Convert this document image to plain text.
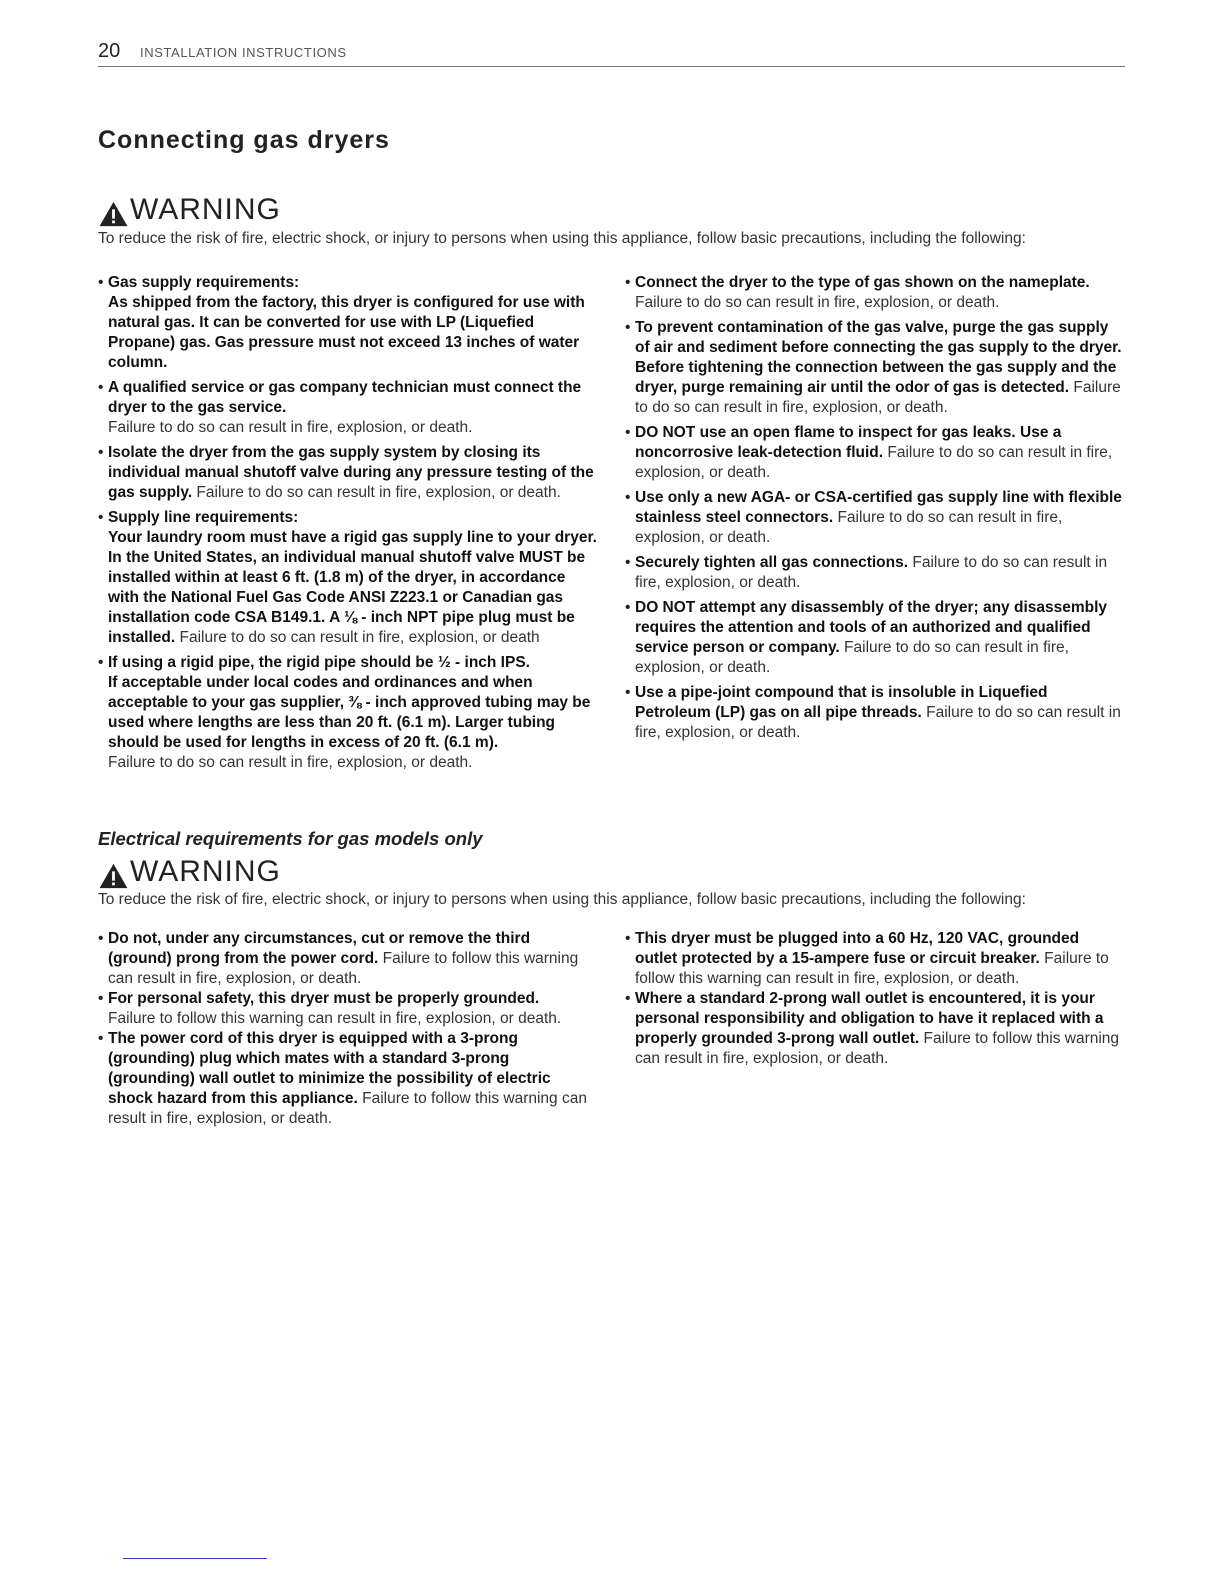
20 INSTALLATION INSTRUCTIONS
Connecting gas dryers
WARNING
To reduce the risk of fire, electric shock, or injury to persons when using this appliance, follow basic precautions, including the following:
• Gas supply requirements:
As shipped from the factory, this dryer is configured for use with natural gas. It can be converted for use with LP (Liquefied Propane) gas. Gas pressure must not exceed 13 inches of water column.
• A qualified service or gas company technician must connect the dryer to the gas service.
Failure to do so can result in fire, explosion, or death.
• Isolate the dryer from the gas supply system by closing its individual manual shutoff valve during any pressure testing of the gas supply. Failure to do so can result in fire, explosion, or death.
• Supply line requirements:
Your laundry room must have a rigid gas supply line to your dryer. In the United States, an individual manual shutoff valve MUST be installed within at least 6 ft. (1.8 m) of the dryer, in accordance with the National Fuel Gas Code ANSI Z223.1 or Canadian gas installation code CSA B149.1. A ⅛ - inch NPT pipe plug must be installed. Failure to do so can result in fire, explosion, or death
• If using a rigid pipe, the rigid pipe should be ½ - inch IPS.
If acceptable under local codes and ordinances and when acceptable to your gas supplier, ⅜ - inch approved tubing may be used where lengths are less than 20 ft. (6.1 m). Larger tubing should be used for lengths in excess of 20 ft. (6.1 m).
Failure to do so can result in fire, explosion, or death.
• Connect the dryer to the type of gas shown on the nameplate.
Failure to do so can result in fire, explosion, or death.
• To prevent contamination of the gas valve, purge the gas supply of air and sediment before connecting the gas supply to the dryer. Before tightening the connection between the gas supply and the dryer, purge remaining air until the odor of gas is detected. Failure to do so can result in fire, explosion, or death.
• DO NOT use an open flame to inspect for gas leaks. Use a noncorrosive leak-detection fluid. Failure to do so can result in fire, explosion, or death.
• Use only a new AGA- or CSA-certified gas supply line with flexible stainless steel connectors. Failure to do so can result in fire, explosion, or death.
• Securely tighten all gas connections. Failure to do so can result in fire, explosion, or death.
• DO NOT attempt any disassembly of the dryer; any disassembly requires the attention and tools of an authorized and qualified service person or company. Failure to do so can result in fire, explosion, or death.
• Use a pipe-joint compound that is insoluble in Liquefied Petroleum (LP) gas on all pipe threads. Failure to do so can result in fire, explosion, or death.
Electrical requirements for gas models only
WARNING
To reduce the risk of fire, electric shock, or injury to persons when using this appliance, follow basic precautions, including the following:
• Do not, under any circumstances, cut or remove the third (ground) prong from the power cord. Failure to follow this warning can result in fire, explosion, or death.
• For personal safety, this dryer must be properly grounded.
Failure to follow this warning can result in fire, explosion, or death.
• The power cord of this dryer is equipped with a 3-prong (grounding) plug which mates with a standard 3-prong (grounding) wall outlet to minimize the possibility of electric shock hazard from this appliance. Failure to follow this warning can result in fire, explosion, or death.
• This dryer must be plugged into a 60 Hz, 120 VAC, grounded outlet protected by a 15-ampere fuse or circuit breaker. Failure to follow this warning can result in fire, explosion, or death.
• Where a standard 2-prong wall outlet is encountered, it is your personal responsibility and obligation to have it replaced with a properly grounded 3-prong wall outlet. Failure to follow this warning can result in fire, explosion, or death.
